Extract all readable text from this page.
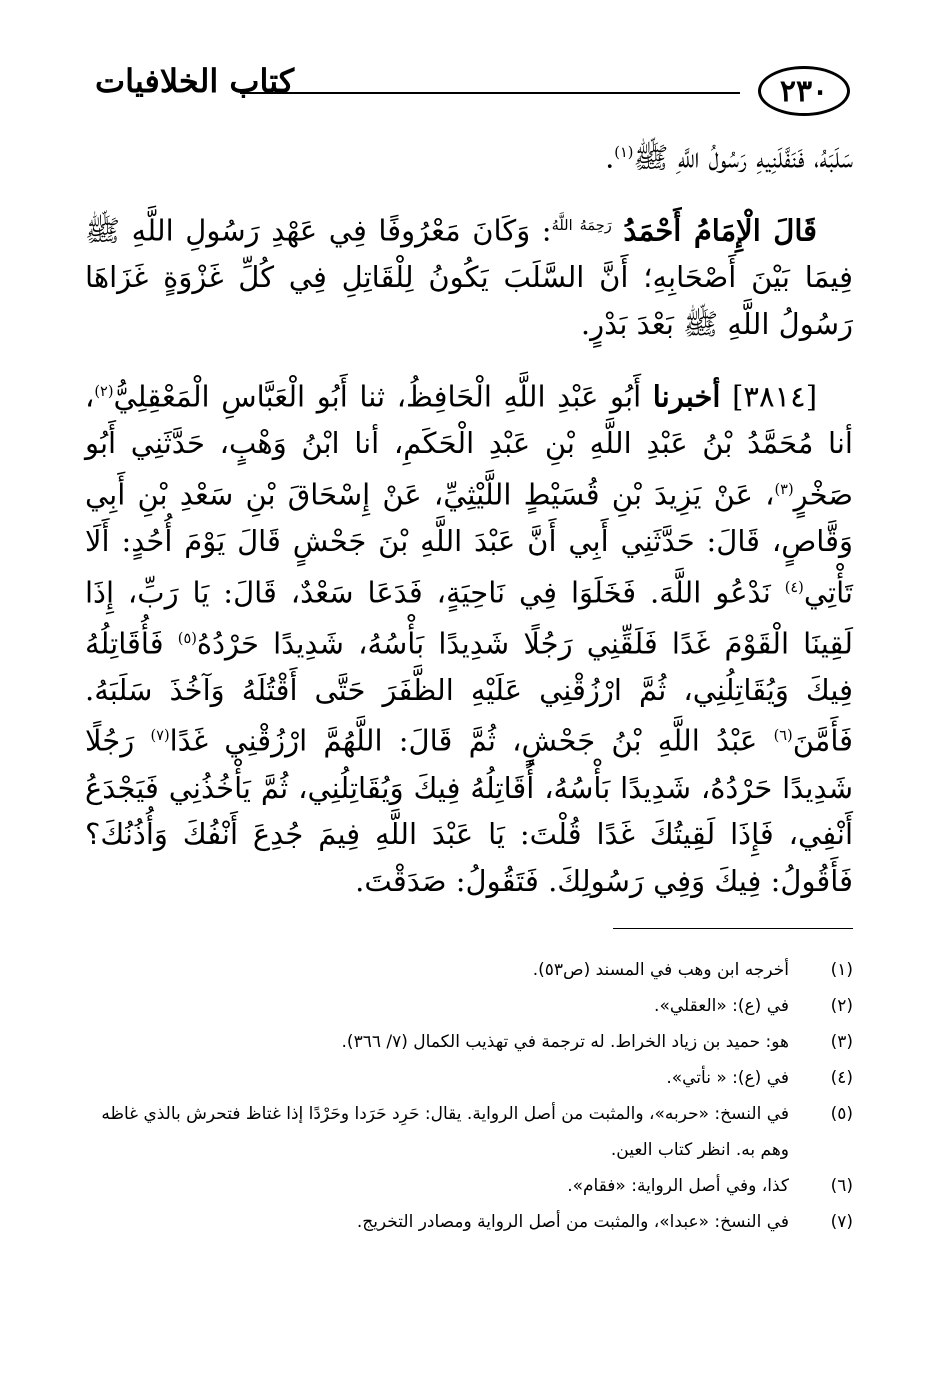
٢٣٠
كتاب الخلافيات

سَلَبَهُ، فَنَفَّلَنِيهِ رَسُولُ اللَّهِ ﷺ$^{(١)}$.

قَالَ الْإِمَامُ أَحْمَدُ $^{رَحِمَهُ اللَّهُ}$: وَكَانَ مَعْرُوفًا فِي عَهْدِ رَسُولِ اللَّهِ ﷺ فِيمَا بَيْنَ أَصْحَابِهِ؛ أَنَّ السَّلَبَ يَكُونُ لِلْقَاتِلِ فِي كُلِّ غَزْوَةٍ غَزَاهَا رَسُولُ اللَّهِ ﷺ بَعْدَ بَدْرٍ.

[٣٨١٤] أخبرنا أَبُو عَبْدِ اللَّهِ الْحَافِظُ، ثنا أَبُو الْعَبَّاسِ الْمَعْقِلِيُّ$^{(٢)}$، أنا مُحَمَّدُ بْنُ عَبْدِ اللَّهِ بْنِ عَبْدِ الْحَكَمِ، أنا ابْنُ وَهْبٍ، حَدَّثَنِي أَبُو صَخْرٍ$^{(٣)}$، عَنْ يَزِيدَ بْنِ قُسَيْطٍ اللَّيْثِيِّ، عَنْ إِسْحَاقَ بْنِ سَعْدِ بْنِ أَبِي وَقَّاصٍ، قَالَ: حَدَّثَنِي أَبِي أَنَّ عَبْدَ اللَّهِ بْنَ جَحْشٍ قَالَ يَوْمَ أُحُدٍ: أَلَا تَأْتِي$^{(٤)}$ نَدْعُو اللَّهَ. فَخَلَوَا فِي نَاحِيَةٍ، فَدَعَا سَعْدٌ، قَالَ: يَا رَبِّ، إِذَا لَقِينَا الْقَوْمَ غَدًا فَلَقِّنِي رَجُلًا شَدِيدًا بَأْسُهُ، شَدِيدًا حَرْدُهُ$^{(٥)}$ فَأُقَاتِلُهُ فِيكَ وَيُقَاتِلُنِي، ثُمَّ ارْزُقْنِي عَلَيْهِ الظَّفَرَ حَتَّى أَقْتُلَهُ وَآخُذَ سَلَبَهُ. فَأَمَّنَ$^{(٦)}$ عَبْدُ اللَّهِ بْنُ جَحْشٍ، ثُمَّ قَالَ: اللَّهُمَّ ارْزُقْنِي غَدًا$^{(٧)}$ رَجُلًا شَدِيدًا حَرْدُهُ، شَدِيدًا بَأْسُهُ، أُقَاتِلُهُ فِيكَ وَيُقَاتِلُنِي، ثُمَّ يَأْخُذُنِي فَيَجْدَعُ أَنْفِي، فَإِذَا لَقِيتُكَ غَدًا قُلْتَ: يَا عَبْدَ اللَّهِ فِيمَ جُدِعَ أَنْفُكَ وَأُذُنُكَ؟ فَأَقُولُ: فِيكَ وَفِي رَسُولِكَ. فَتَقُولُ: صَدَقْتَ.

(١)
أخرجه ابن وهب في المسند (ص٥٣).
(٢)
في (ع): «العقلي».
(٣)
هو: حميد بن زياد الخراط. له ترجمة في تهذيب الكمال (٧/ ٣٦٦).
(٤)
في (ع): « نأتي».
(٥)
في النسخ: «حربه»، والمثبت من أصل الرواية. يقال: حَرِد حَرَدا وحَرْدًا إذا غتاظ فتحرش بالذي غاظه وهم به. انظر كتاب العين.
(٦)
كذا، وفي أصل الرواية: «فقام».
(٧)
في النسخ: «عبدا»، والمثبت من أصل الرواية ومصادر التخريج.
